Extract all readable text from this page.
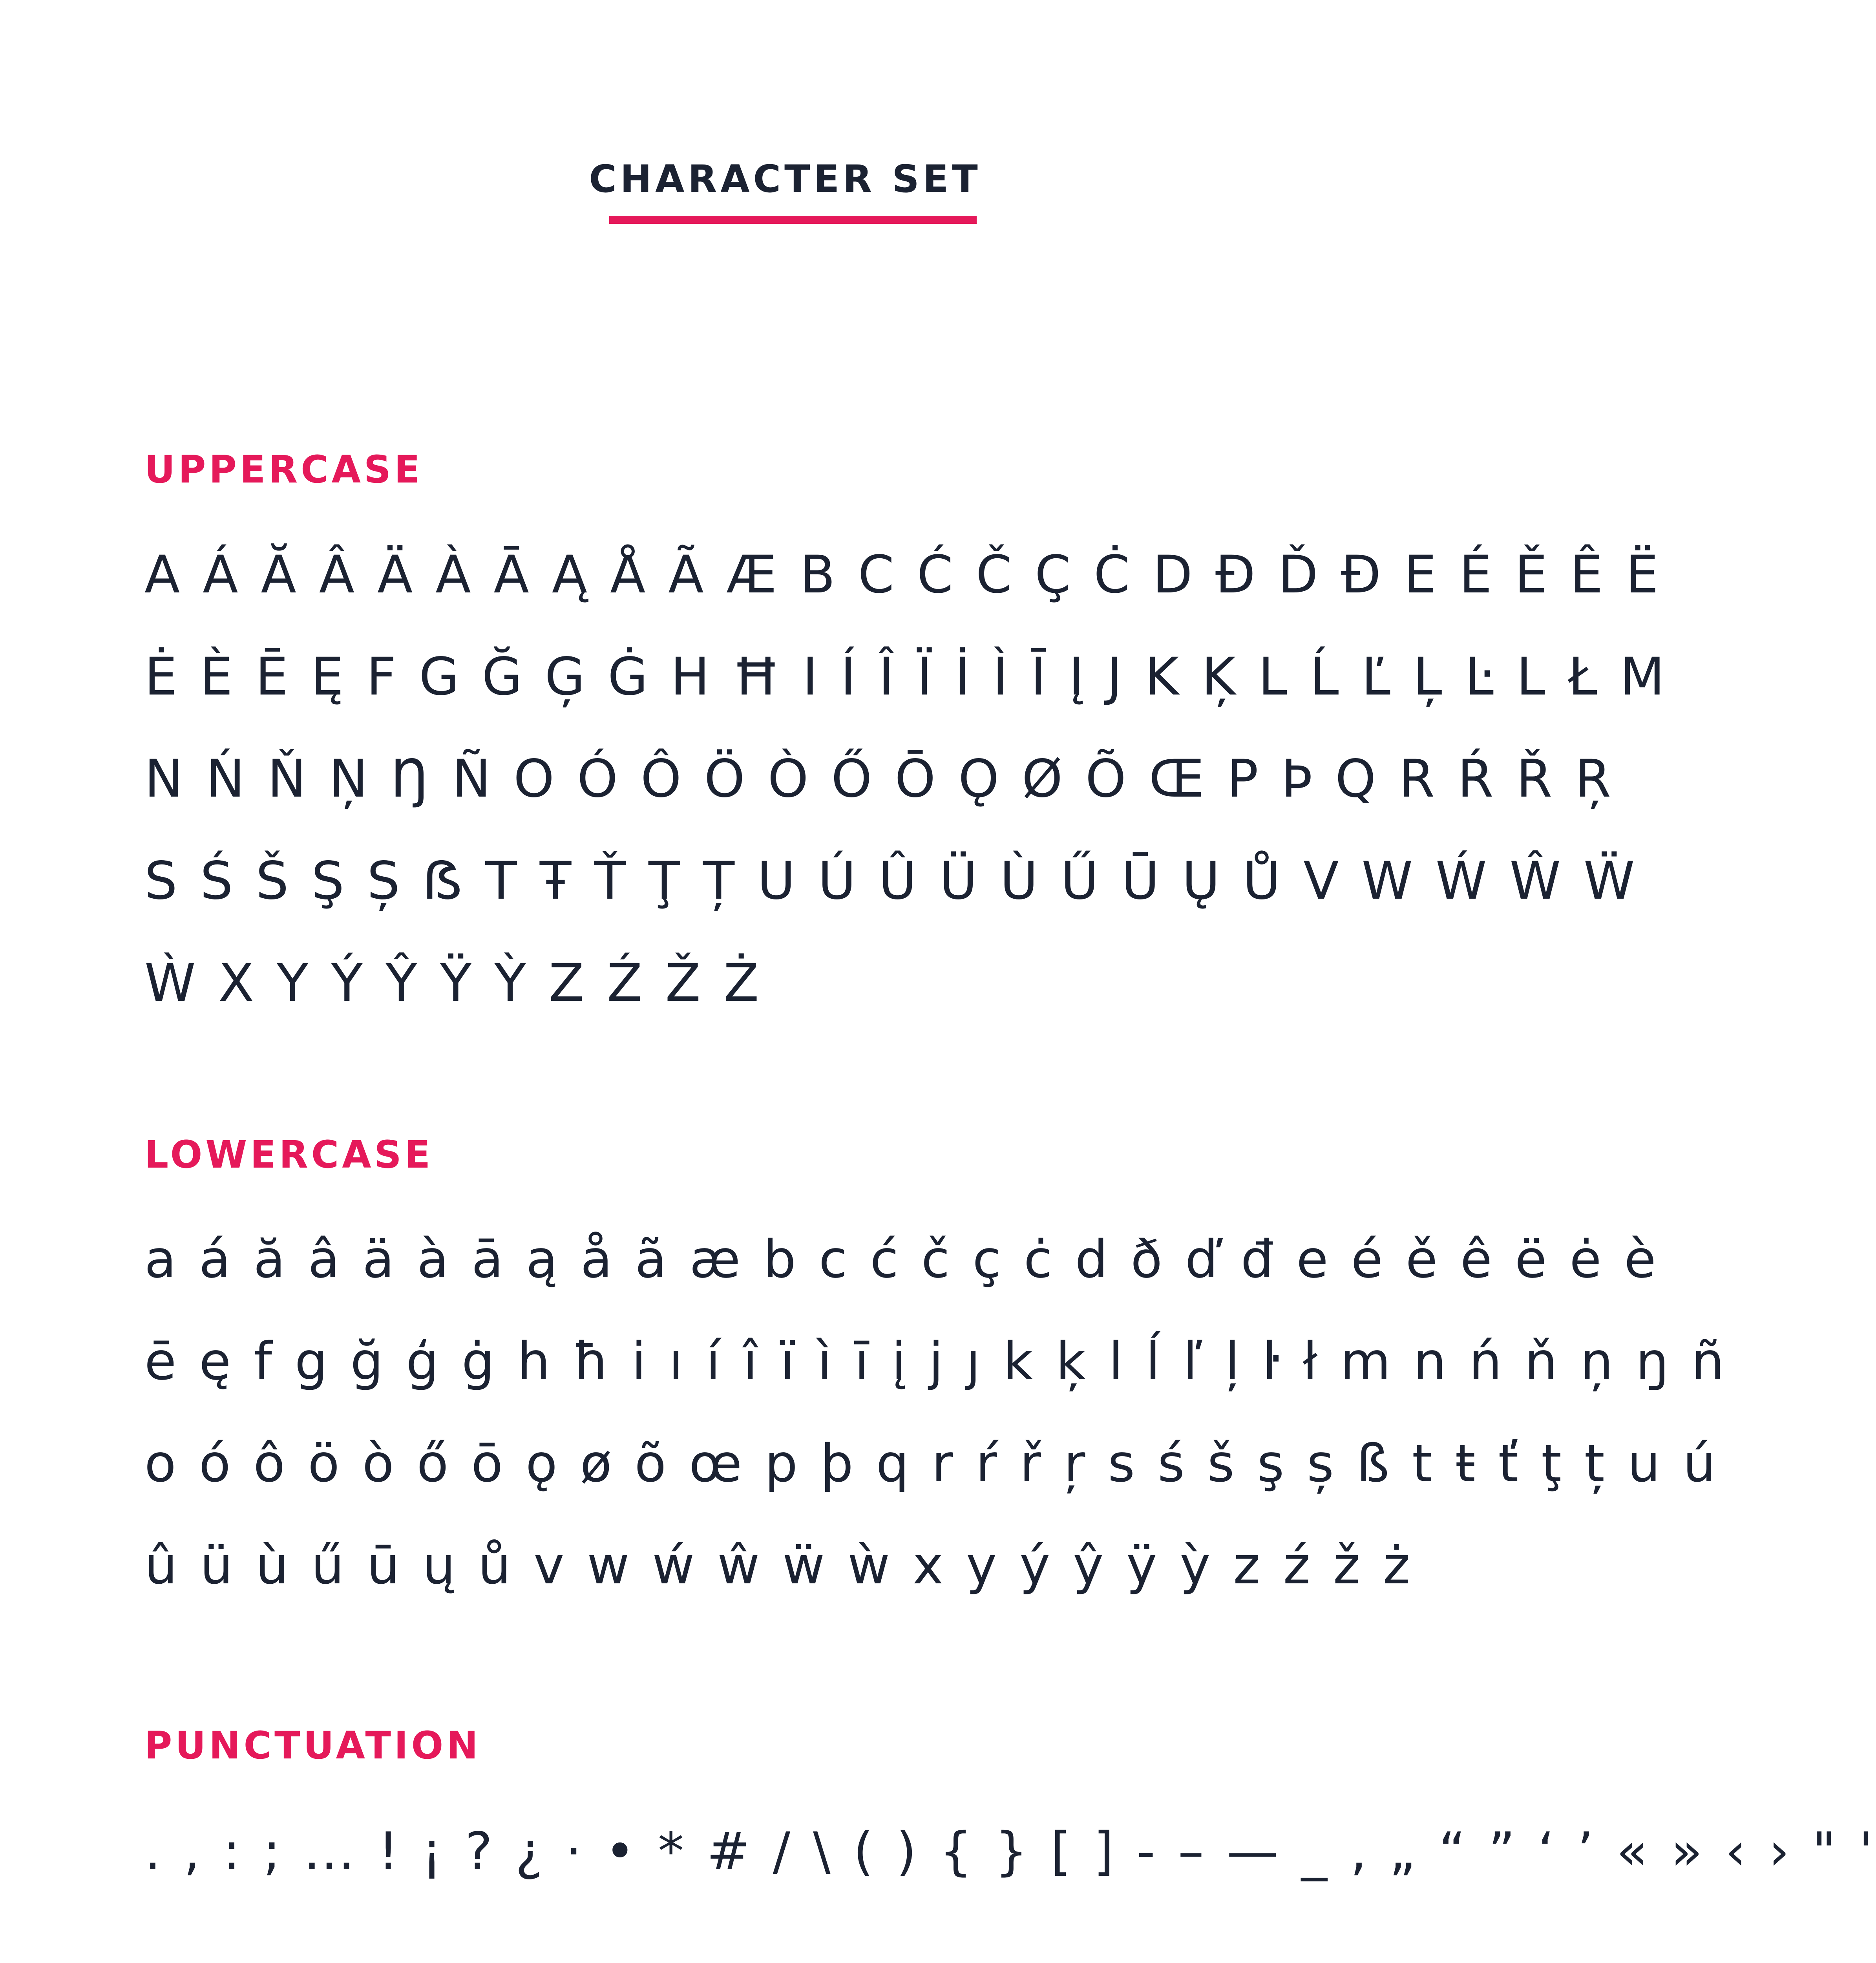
CHARACTER SET
UPPERCASE
A Á Ă Â Ä À Ā Ą Å Ã Æ B C Ć Č Ç Ċ D Ð Ď Đ E É Ě Ê Ë
Ė È Ē Ę F G Ğ Ģ Ġ H Ħ I Í Î Ï İ Ì Ī Į J K Ķ L Ĺ Ľ Ļ Ŀ L Ł M
N Ń Ň Ņ Ŋ Ñ O Ó Ô Ö Ò Ő Ō Ǫ Ø Õ Œ P Þ Q R Ŕ Ř Ŗ
S Ś Š Ş Ș ẞ T Ŧ Ť Ţ Ț U Ú Û Ü Ù Ű Ū Ų Ů V W Ẃ Ŵ Ẅ
Ẁ X Y Ý Ŷ Ÿ Ỳ Z Ź Ž Ż
LOWERCASE
a á ă â ä à ā ą å ã æ b c ć č ç ċ d ð ď đ e é ě ê ë ė è
ē ę f g ğ ģ ġ h ħ i ı í î ï ì ī į j ȷ k ķ l ĺ ľ ļ ŀ ł m n ń ň ņ ŋ ñ
o ó ô ö ò ő ō ǫ ø õ œ p þ q r ŕ ř ŗ s ś š ş ș ß t ŧ ť ţ ț u ú
û ü ù ű ū ų ů v w ẃ ŵ ẅ ẁ x y ý ŷ ÿ ỳ z ź ž ż
PUNCTUATION
. , : ; … ! ¡ ? ¿ · • * # / \ ( ) { } [ ] - – — _ ‚ „ “ ” ‘ ’ « » ‹ › " '
